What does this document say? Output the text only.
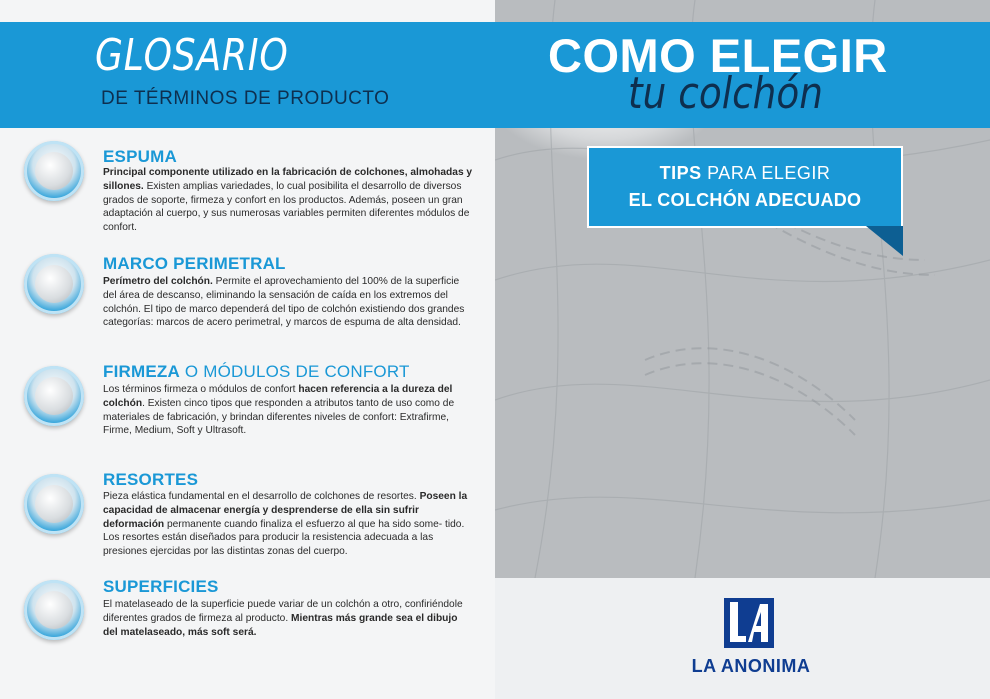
GLOSARIO
DE TÉRMINOS DE PRODUCTO
ESPUMA
Principal componente utilizado en la fabricación de colchones, almohadas y sillones. Existen amplias variedades, lo cual posibilita el desarrollo de diversos grados de soporte, firmeza y confort en los productos. Además, poseen un gran adaptación al cuerpo, y sus numerosas variables permiten diferentes módulos de confort.
MARCO PERIMETRAL
Perímetro del colchón. Permite el aprovechamiento del 100% de la superficie del área de descanso, eliminando la sensación de caída en los extremos del colchón. El tipo de marco dependerá del tipo de colchón existiendo dos grandes categorías: marcos de acero perimetral, y marcos de espuma de alta densidad.
FIRMEZA O MÓDULOS DE CONFORT
Los términos firmeza o módulos de confort hacen referencia a la dureza del colchón. Existen cinco tipos que responden a atributos tanto de uso como de materiales de fabricación, y brindan diferentes niveles de confort: Extrafirme, Firme, Medium, Soft y Ultrasoft.
RESORTES
Pieza elástica fundamental en el desarrollo de colchones de resortes. Poseen la capacidad de almacenar energía y desprenderse de ella sin sufrir deformación permanente cuando finaliza el esfuerzo al que ha sido some- tido. Los resortes están diseñados para producir la resistencia adecuada a las presiones ejercidas por las distintas zonas del cuerpo.
SUPERFICIES
El matelaseado de la superficie puede variar de un colchón a otro, confiriéndole diferentes grados de firmeza al producto. Mientras más grande sea el dibujo del matelaseado, más soft será.
COMO ELEGIR
tu colchón
TIPS PARA ELEGIR
EL COLCHÓN ADECUADO
LA ANONIMA
